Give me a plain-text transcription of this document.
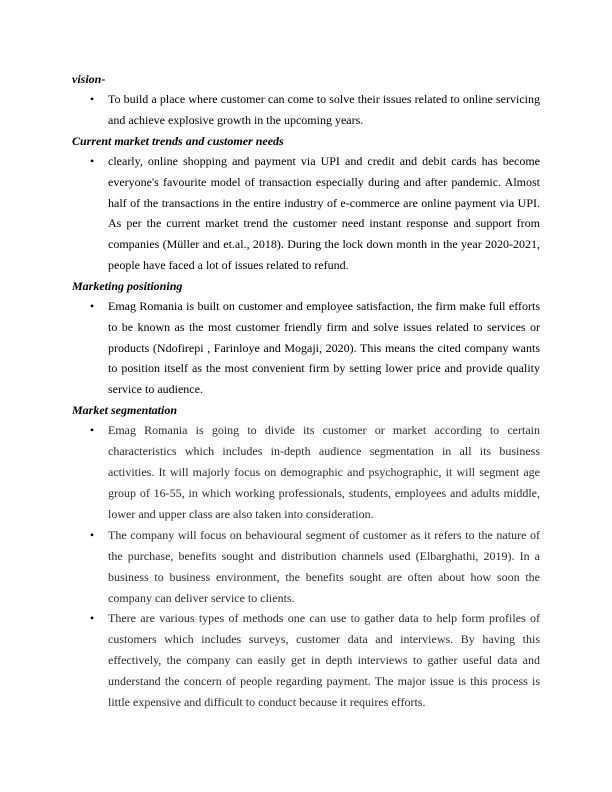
vision-
• To build a place where customer can come to solve their issues related to online servicing and achieve explosive growth in the upcoming years.
Current market trends and customer needs
• clearly, online shopping and payment via UPI and credit and debit cards has become everyone's favourite model of transaction especially during and after pandemic. Almost half of the transactions in the entire industry of e-commerce are online payment via UPI. As per the current market trend the customer need instant response and support from companies (Müller and et.al., 2018). During the lock down month in the year 2020-2021, people have faced a lot of issues related to refund.
Marketing positioning
• Emag Romania is built on customer and employee satisfaction, the firm make full efforts to be known as the most customer friendly firm and solve issues related to services or products (Ndofirepi , Farinloye and Mogaji, 2020). This means the cited company wants to position itself as the most convenient firm by setting lower price and provide quality service to audience.
Market segmentation
• Emag Romania is going to divide its customer or market according to certain characteristics which includes in-depth audience segmentation in all its business activities. It will majorly focus on demographic and psychographic, it will segment age group of 16-55, in which working professionals, students, employees and adults middle, lower and upper class are also taken into consideration.
• The company will focus on behavioural segment of customer as it refers to the nature of the purchase, benefits sought and distribution channels used (Elbarghathi, 2019). In a business to business environment, the benefits sought are often about how soon the company can deliver service to clients.
• There are various types of methods one can use to gather data to help form profiles of customers which includes surveys, customer data and interviews. By having this effectively, the company can easily get in depth interviews to gather useful data and understand the concern of people regarding payment. The major issue is this process is little expensive and difficult to conduct because it requires efforts.
